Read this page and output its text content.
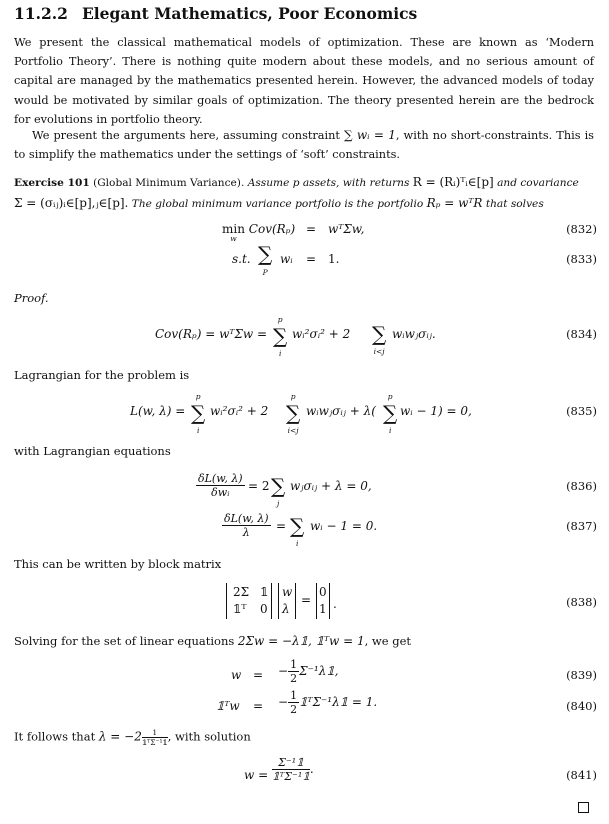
11.2.2 Elegant Mathematics, Poor Economics
We present the classical mathematical models of optimization. These are known as ‘Modern Portfolio Theory’. There is nothing quite modern about these models, and no serious amount of capital are managed by the mathematics presented herein. However, the advanced models of today would be motivated by similar goals of optimization. The theory presented herein are the bedrock for evolutions in portfolio theory.
We present the arguments here, assuming constraint ∑ wᵢ = 1, with no short-constraints. This is to simplify the mathematics under the settings of ‘soft’ constraints.
Exercise 101 (Global Minimum Variance). Assume p assets, with returns R = (Rᵢ)ᵀᵢ∈[p] and covariance Σ = (σᵢⱼ)ᵢ∈[p],ⱼ∈[p]. The global minimum variance portfolio is the portfolio Rₚ = wᵀR that solves
min
$^w$ Cov(Rₚ) = wᵀΣw,	(832)
s.t. ∑
P
wᵢ = 1.	(833)
Proof.
Cov(Rₚ) = wᵀΣw =
p
∑
i
wᵢ²σᵢ² + 2 ∑
i<j
wᵢwⱼσᵢⱼ.	(834)
Lagrangian for the problem is
L(w, λ) =
p
∑
i
wᵢ²σᵢ² + 2
p
∑
i<j
wᵢwⱼσᵢⱼ + λ(
p
∑
i
wᵢ − 1) = 0,	(835)
with Lagrangian equations
$\frac{\delta L(w, \lambda)}{\text{δwᵢ}} = 2$ ∑
j
wⱼσᵢⱼ + λ = 0,	(836)
$\frac{\delta L(w, \lambda)}{\lambda}$ = ∑
i
wᵢ − 1 = 0.	(837)
This can be written by block matrix
2Σ 𝟙
𝟙ᵀ 0
w
λ
=
0
1 .	(838)
Solving for the set of linear equations 2Σw = −λ𝟙, 𝟙ᵀw = 1, we get
w = − $\frac{1}{2}$ Σ⁻¹λ𝟙,	(839)
𝟙ᵀw = − $\frac{1}{2}$ 𝟙ᵀΣ⁻¹λ𝟙 = 1.	(840)
It follows that $\lambda = -2 \frac{1}{\text{𝟙ᵀΣ⁻¹𝟙}}$ , with solution
$w = \frac{\text{Σ⁻¹𝟙}}{\text{𝟙ᵀΣ⁻¹𝟙}}$ .	(841)
